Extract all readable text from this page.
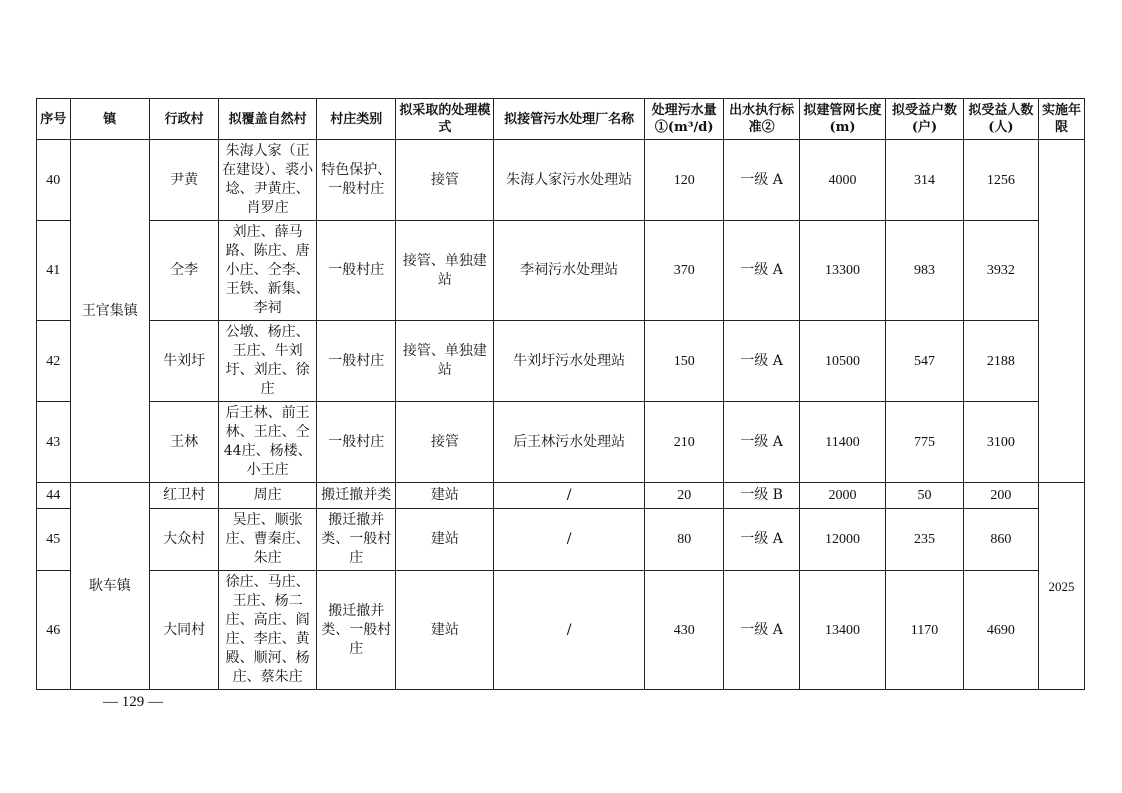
序号	镇	行政村	拟覆盖自然村	村庄类别	拟采取的处理模式	拟接管污水处理厂名称	处理污水量①(m³/d)	出水执行标准②	拟建管网长度(m)	拟受益户数(户)	拟受益人数(人)	实施年限
40	王官集镇	尹黄	朱海人家（正在建设）、裘小埝、尹黄庄、肖罗庄	特色保护、一般村庄	接管	朱海人家污水处理站	120	一级 A	4000	314	1256	
41		仝李	刘庄、薛马路、陈庄、唐小庄、仝李、王铁、新集、李祠	一般村庄	接管、单独建站	李祠污水处理站	370	一级 A	13300	983	3932	
42		牛刘圩	公墩、杨庄、王庄、牛刘圩、刘庄、徐庄	一般村庄	接管、单独建站	牛刘圩污水处理站	150	一级 A	10500	547	2188	
43		王林	后王林、前王林、王庄、仝44庄、杨楼、小王庄	一般村庄	接管	后王林污水处理站	210	一级 A	11400	775	3100	
44	耿车镇	红卫村	周庄	搬迁撤并类	建站	/	20	一级 B	2000	50	200	2025
45		大众村	吴庄、顺张庄、曹秦庄、朱庄	搬迁撤并类、一般村庄	建站	/	80	一级 A	12000	235	860	
46		大同村	徐庄、马庄、王庄、杨二庄、高庄、阎庄、李庄、黄殿、顺河、杨庄、蔡朱庄	搬迁撤并类、一般村庄	建站	/	430	一级 A	13400	1170	4690	
— 129 —
